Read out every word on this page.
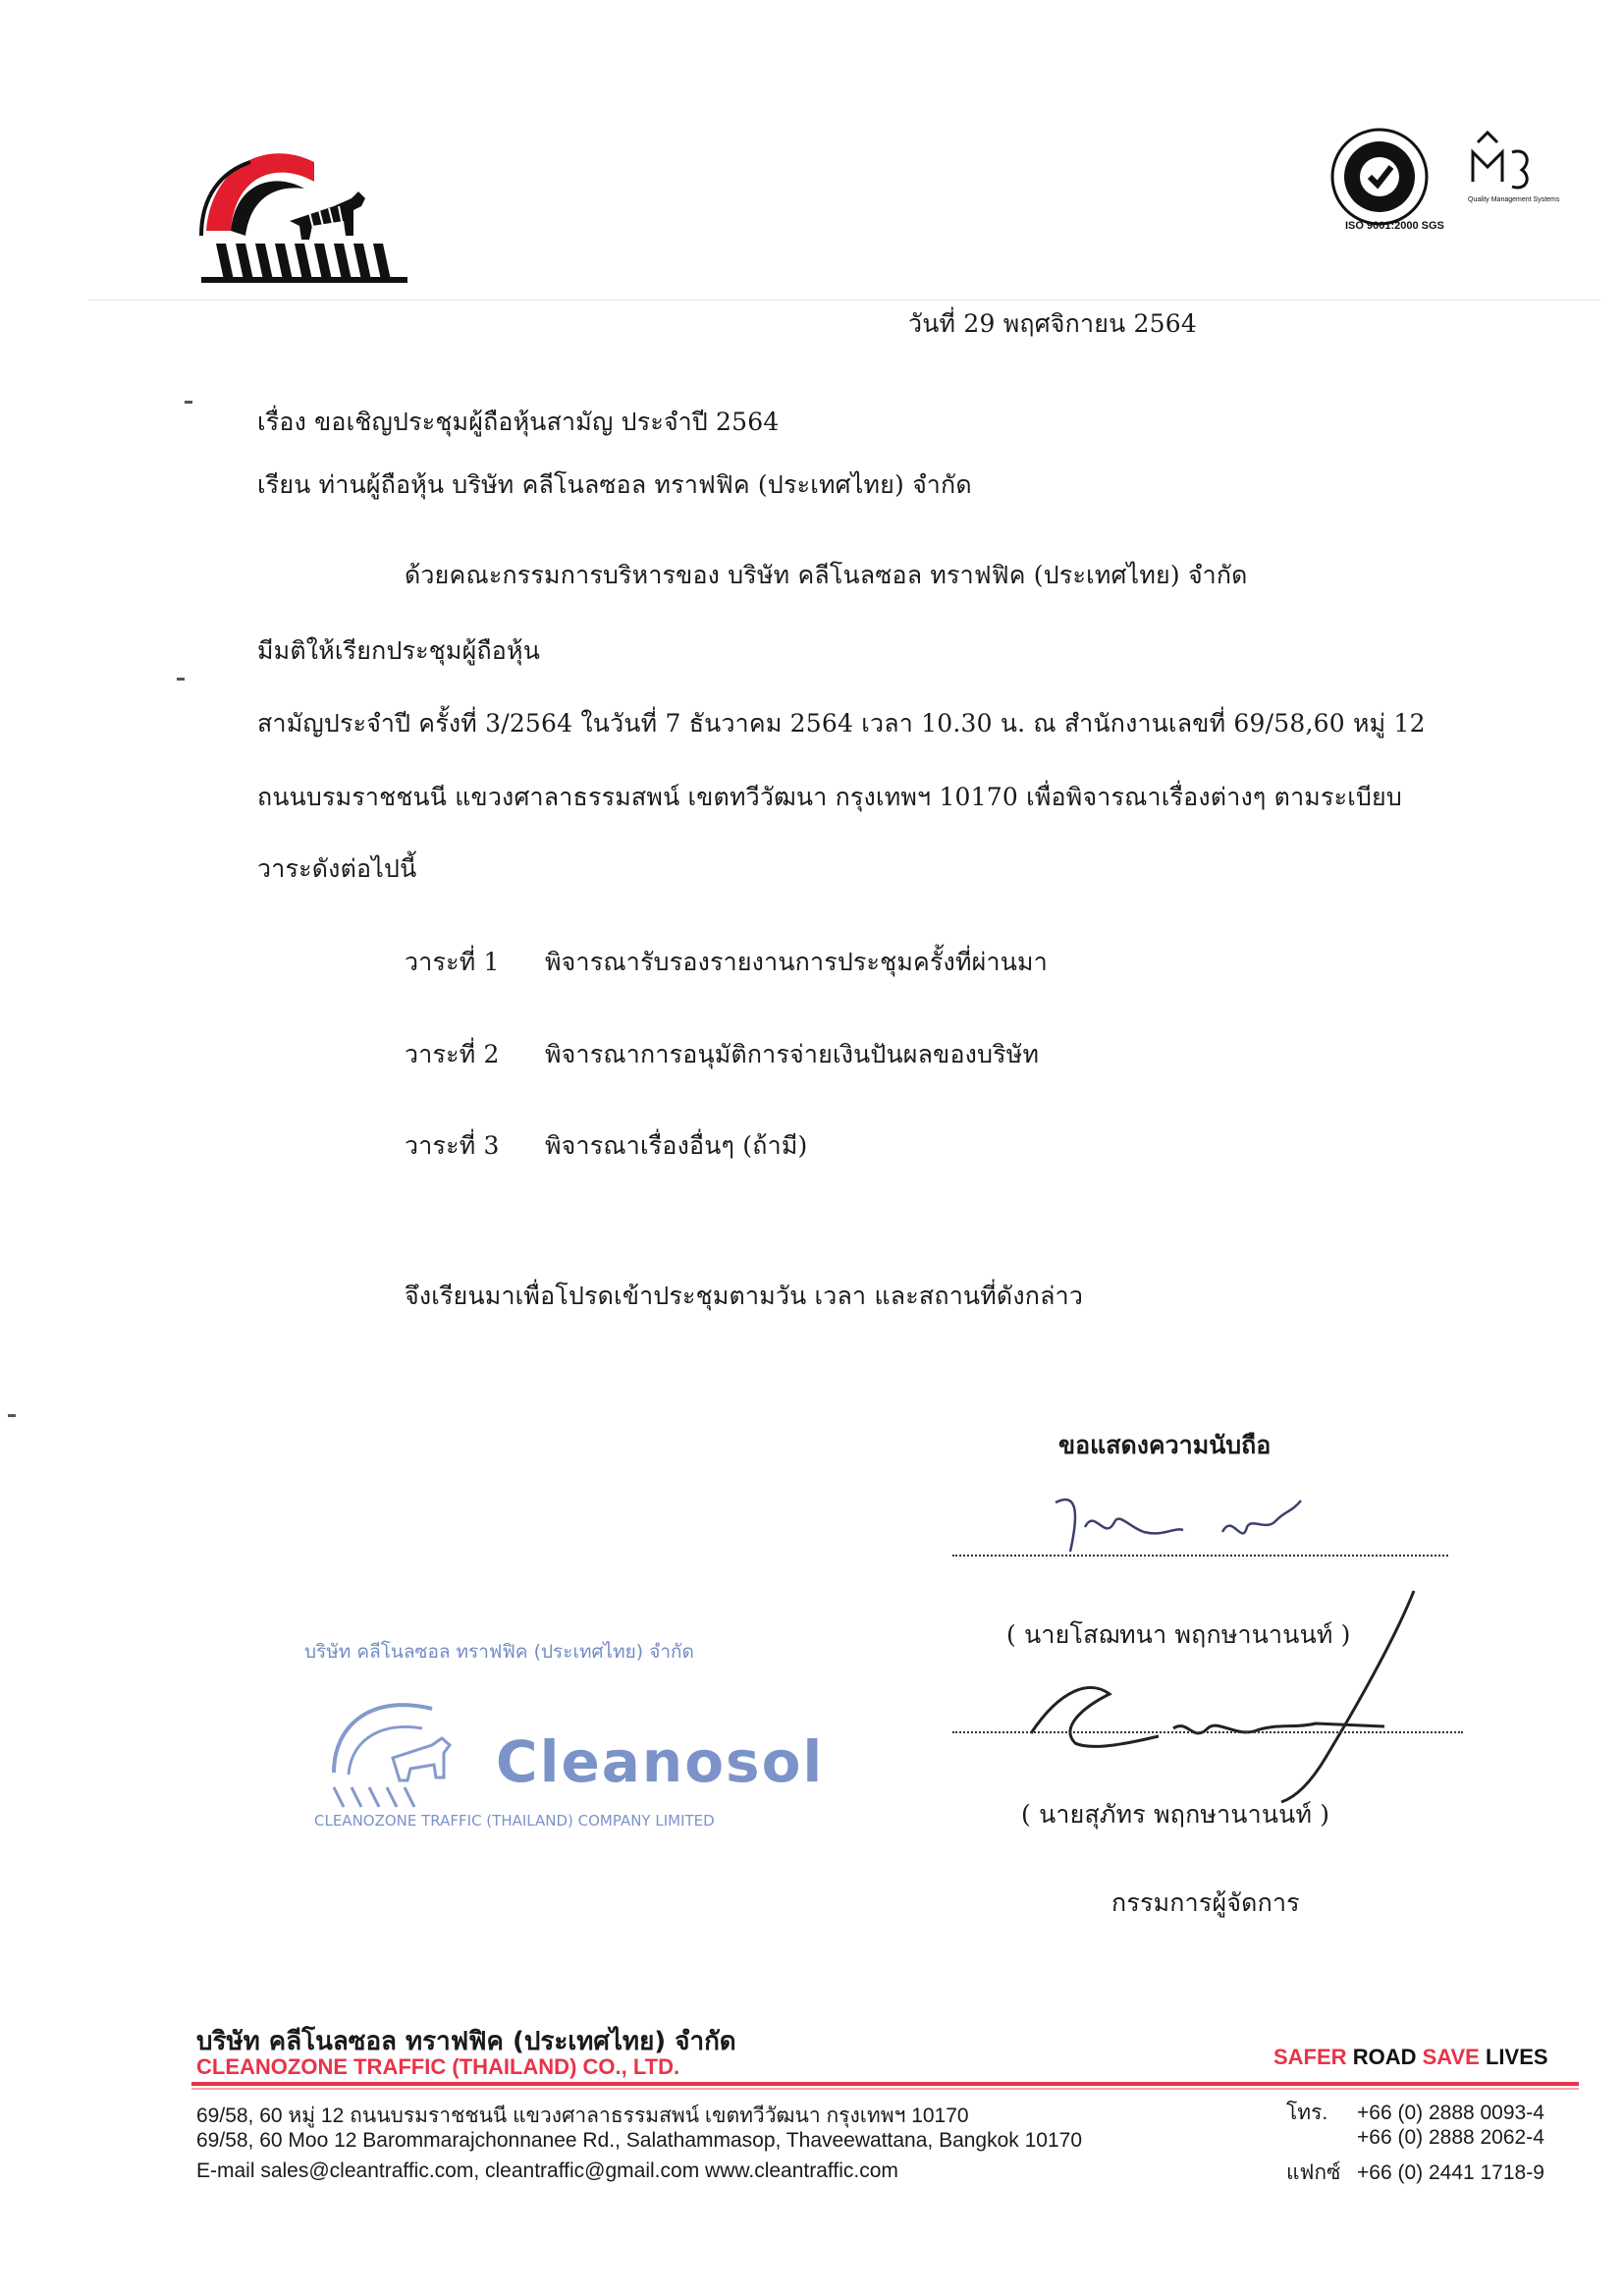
Quality Management Systems
ISO 9001:2000 SGS
วันที่ 29 พฤศจิกายน 2564
เรื่อง ขอเชิญประชุมผู้ถือหุ้นสามัญ ประจำปี 2564
เรียน ท่านผู้ถือหุ้น บริษัท คลีโนลซอล ทราฟฟิค (ประเทศไทย) จำกัด
ด้วยคณะกรรมการบริหารของ บริษัท คลีโนลซอล ทราฟฟิค (ประเทศไทย) จำกัด
มีมติให้เรียกประชุมผู้ถือหุ้น
สามัญประจำปี ครั้งที่ 3/2564 ในวันที่ 7 ธันวาคม 2564 เวลา 10.30 น. ณ สำนักงานเลขที่ 69/58,60 หมู่ 12
ถนนบรมราชชนนี แขวงศาลาธรรมสพน์ เขตทวีวัฒนา กรุงเทพฯ 10170 เพื่อพิจารณาเรื่องต่างๆ ตามระเบียบ
วาระดังต่อไปนี้
วาระที่ 1 พิจารณารับรองรายงานการประชุมครั้งที่ผ่านมา
วาระที่ 2 พิจารณาการอนุมัติการจ่ายเงินปันผลของบริษัท
วาระที่ 3 พิจารณาเรื่องอื่นๆ (ถ้ามี)
จึงเรียนมาเพื่อโปรดเข้าประชุมตามวัน เวลา และสถานที่ดังกล่าว
ขอแสดงความนับถือ
( นายโสฌทนา พฤกษานานนท์ )
( นายสุภัทร พฤกษานานนท์ )
กรรมการผู้จัดการ
บริษัท คลีโนลซอล ทราฟฟิค (ประเทศไทย) จำกัด
Cleanosol
CLEANOZONE TRAFFIC (THAILAND) COMPANY LIMITED
บริษัท คลีโนลซอล ทราฟฟิค (ประเทศไทย) จำกัด
CLEANOZONE TRAFFIC (THAILAND) CO., LTD.	SAFER ROAD SAVE LIVES
69/58, 60 หมู่ 12 ถนนบรมราชชนนี แขวงศาลาธรรมสพน์ เขตทวีวัฒนา กรุงเทพฯ 10170
69/58, 60 Moo 12 Barommarajchonnanee Rd., Salathammasop, Thaveewattana, Bangkok 10170
E-mail sales@cleantraffic.com, cleantraffic@gmail.com www.cleantraffic.com
โทร. +66 (0) 2888 0093-4
+66 (0) 2888 2062-4
แฟกซ์ +66 (0) 2441 1718-9
